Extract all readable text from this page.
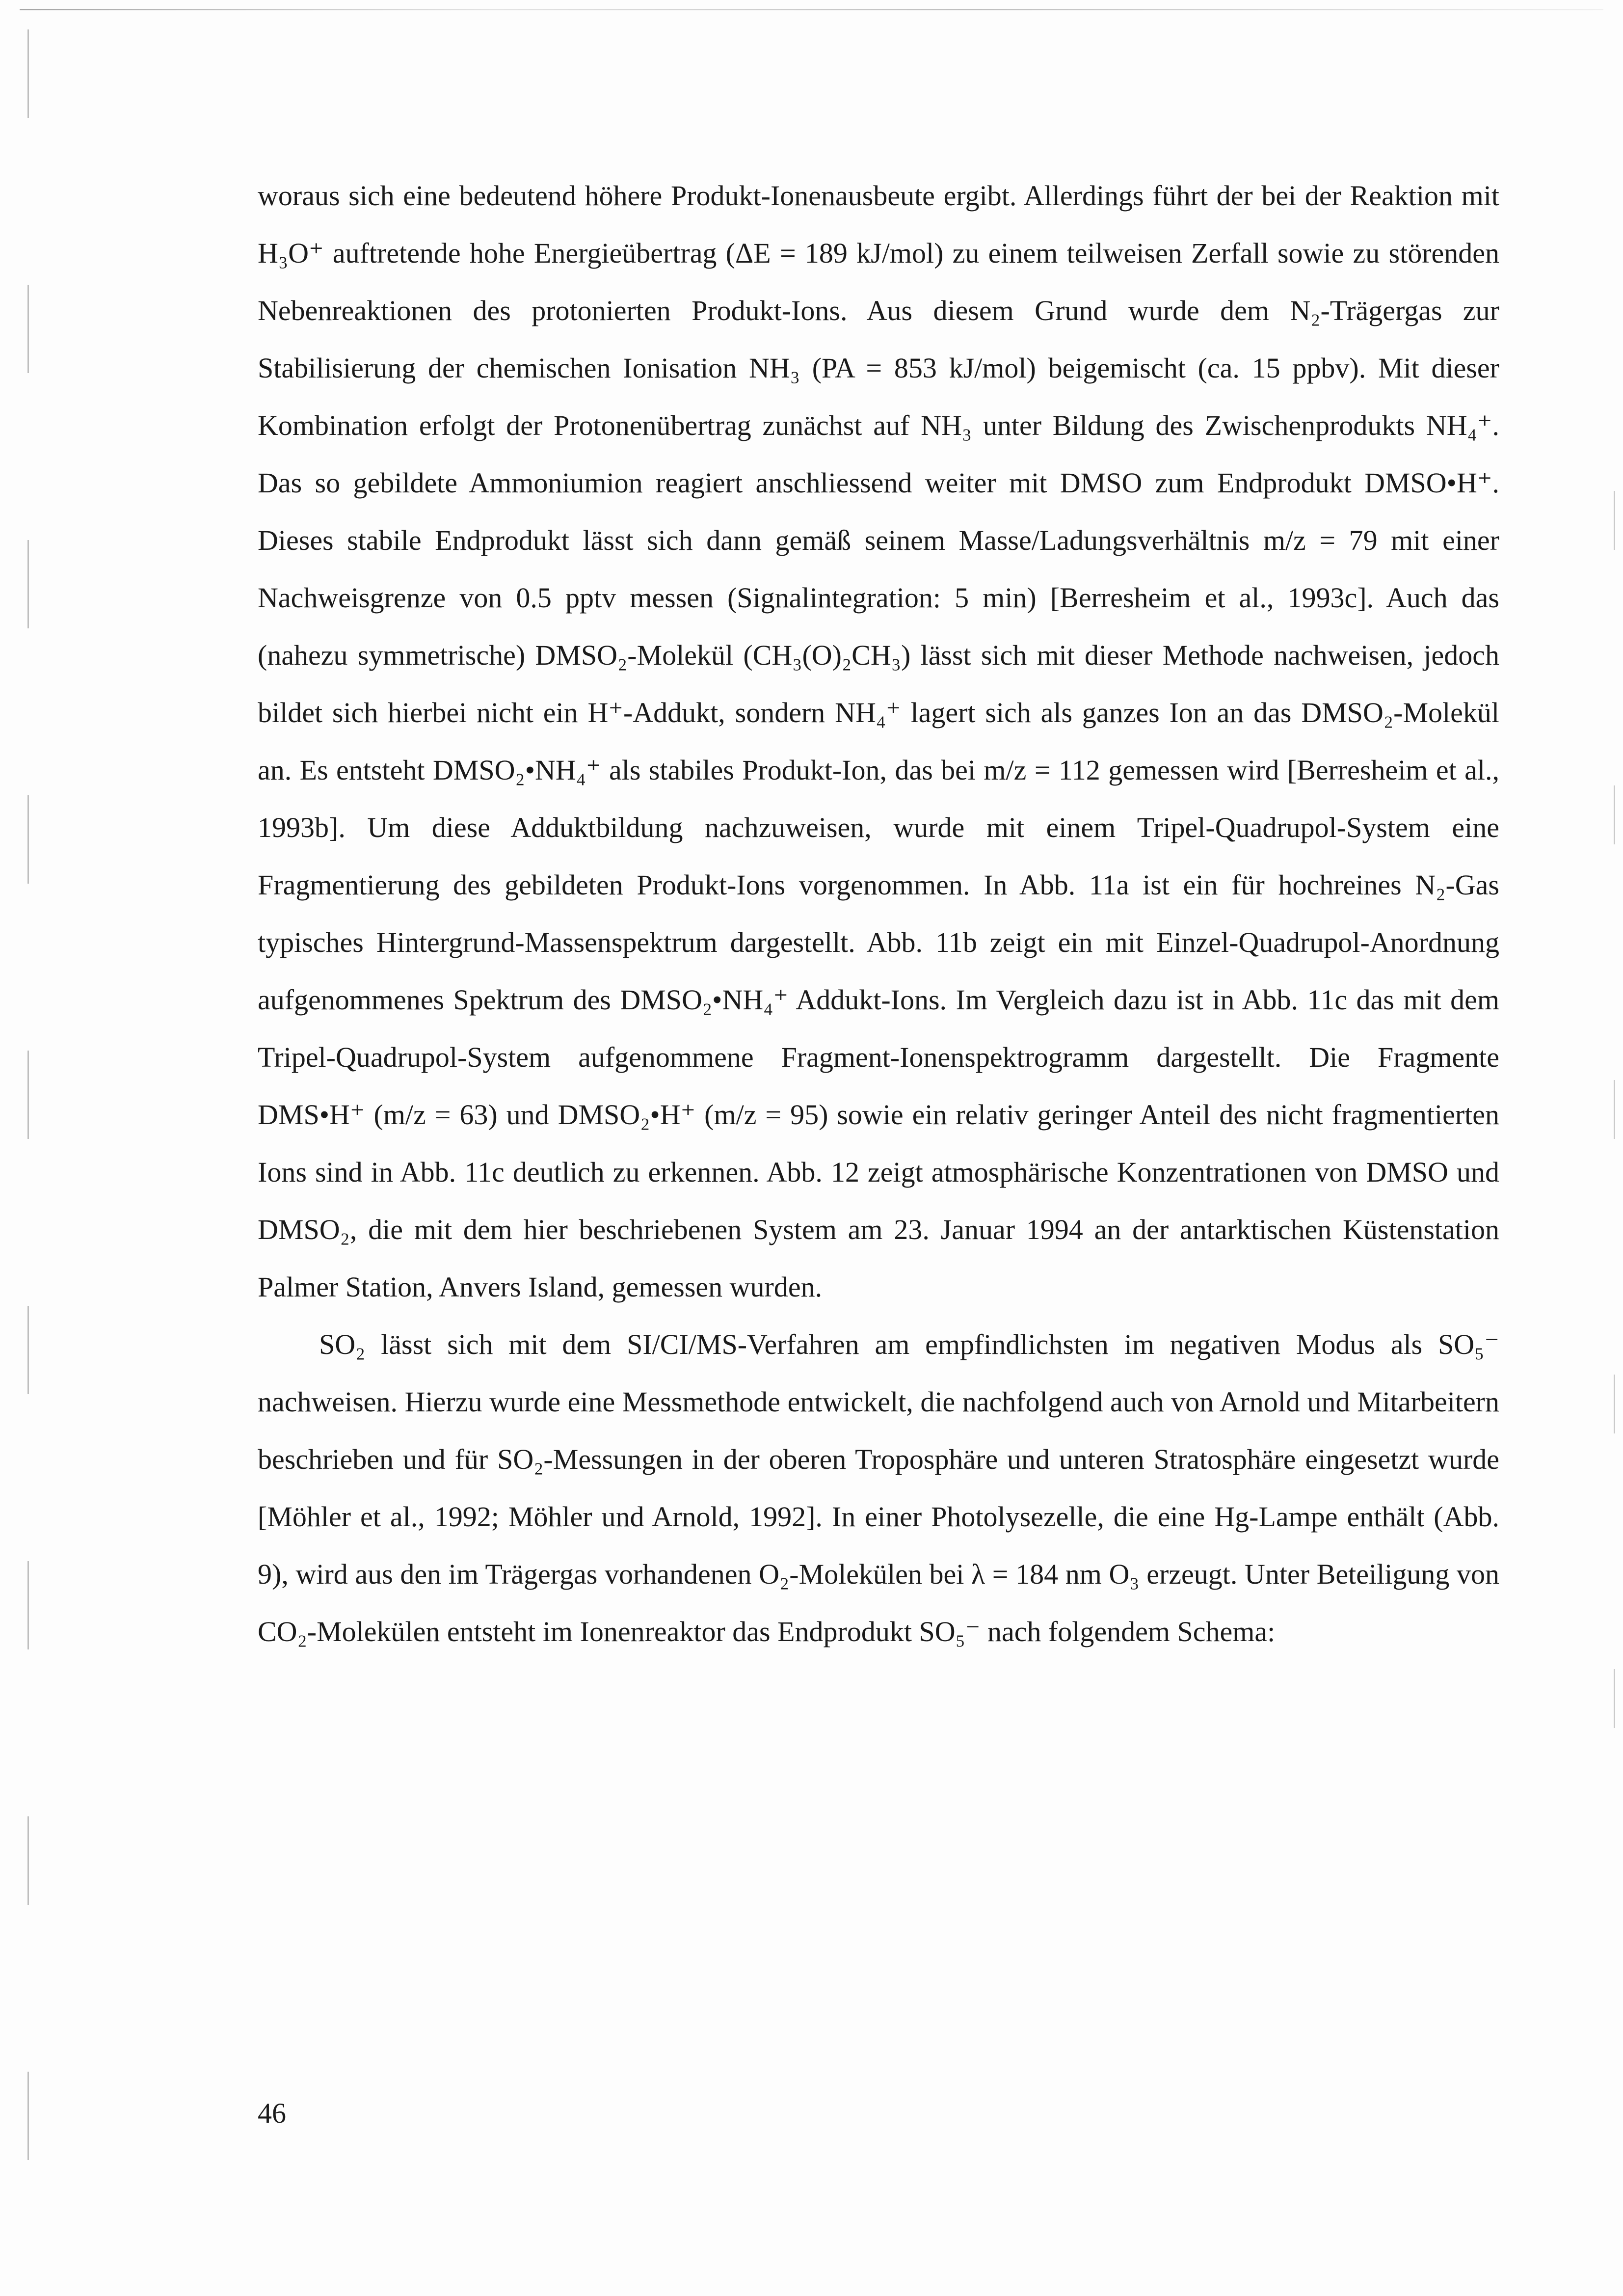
woraus sich eine bedeutend höhere Produkt-Ionenausbeute ergibt. Allerdings führt der bei der Reaktion mit H₃O⁺ auftretende hohe Energieübertrag (ΔE = 189 kJ/mol) zu einem teilweisen Zerfall sowie zu störenden Nebenreaktionen des protonierten Produkt-Ions. Aus diesem Grund wurde dem N₂-Trägergas zur Stabilisierung der chemischen Ionisation NH₃ (PA = 853 kJ/mol) beigemischt (ca. 15 ppbv). Mit dieser Kombination erfolgt der Protonenübertrag zunächst auf NH₃ unter Bildung des Zwischenprodukts NH₄⁺. Das so gebildete Ammoniumion reagiert anschliessend weiter mit DMSO zum Endprodukt DMSO•H⁺. Dieses stabile Endprodukt lässt sich dann gemäß seinem Masse/Ladungsverhältnis m/z = 79 mit einer Nachweisgrenze von 0.5 pptv messen (Signalintegration: 5 min) [Berresheim et al., 1993c]. Auch das (nahezu symmetrische) DMSO₂-Molekül (CH₃(O)₂CH₃) lässt sich mit dieser Methode nachweisen, jedoch bildet sich hierbei nicht ein H⁺-Addukt, sondern NH₄⁺ lagert sich als ganzes Ion an das DMSO₂-Molekül an. Es entsteht DMSO₂•NH₄⁺ als stabiles Produkt-Ion, das bei m/z = 112 gemessen wird [Berresheim et al., 1993b]. Um diese Adduktbildung nachzuweisen, wurde mit einem Tripel-Quadrupol-System eine Fragmentierung des gebildeten Produkt-Ions vorgenommen. In Abb. 11a ist ein für hochreines N₂-Gas typisches Hintergrund-Massenspektrum dargestellt. Abb. 11b zeigt ein mit Einzel-Quadrupol-Anordnung aufgenommenes Spektrum des DMSO₂•NH₄⁺ Addukt-Ions. Im Vergleich dazu ist in Abb. 11c das mit dem Tripel-Quadrupol-System aufgenommene Fragment-Ionenspektrogramm dargestellt. Die Fragmente DMS•H⁺ (m/z = 63) und DMSO₂•H⁺ (m/z = 95) sowie ein relativ geringer Anteil des nicht fragmentierten Ions sind in Abb. 11c deutlich zu erkennen. Abb. 12 zeigt atmosphärische Konzentrationen von DMSO und DMSO₂, die mit dem hier beschriebenen System am 23. Januar 1994 an der antarktischen Küstenstation Palmer Station, Anvers Island, gemessen wurden.

SO₂ lässt sich mit dem SI/CI/MS-Verfahren am empfindlichsten im negativen Modus als SO₅⁻ nachweisen. Hierzu wurde eine Messmethode entwickelt, die nachfolgend auch von Arnold und Mitarbeitern beschrieben und für SO₂-Messungen in der oberen Troposphäre und unteren Stratosphäre eingesetzt wurde [Möhler et al., 1992; Möhler und Arnold, 1992]. In einer Photolysezelle, die eine Hg-Lampe enthält (Abb. 9), wird aus den im Trägergas vorhandenen O₂-Molekülen bei λ = 184 nm O₃ erzeugt. Unter Beteiligung von CO₂-Molekülen entsteht im Ionenreaktor das Endprodukt SO₅⁻ nach folgendem Schema:

46
